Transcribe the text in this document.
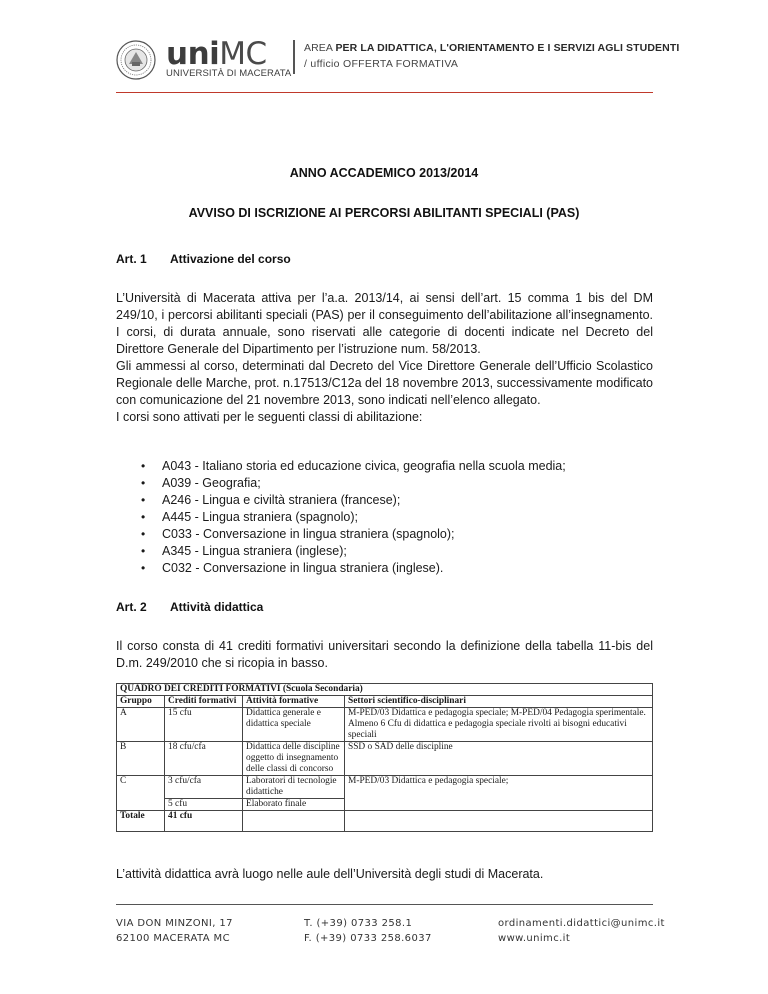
uniMC
UNIVERSITÀ DI MACERATA
AREA PER LA DIDATTICA, L'ORIENTAMENTO E I SERVIZI AGLI STUDENTI
/ ufficio OFFERTA FORMATIVA
ANNO ACCADEMICO 2013/2014
AVVISO DI ISCRIZIONE AI PERCORSI ABILITANTI SPECIALI (PAS)
Art. 1 Attivazione del corso

L’Università di Macerata attiva per l’a.a. 2013/14, ai sensi dell’art. 15 comma 1 bis del DM 249/10, i percorsi abilitanti speciali (PAS) per il conseguimento dell’abilitazione all’insegnamento. I corsi, di durata annuale, sono riservati alle categorie di docenti indicate nel Decreto del Direttore Generale del Dipartimento per l’istruzione num. 58/2013.

Gli ammessi al corso, determinati dal Decreto del Vice Direttore Generale dell’Ufficio Scolastico Regionale delle Marche, prot. n.17513/C12a del 18 novembre 2013, successivamente modificato con comunicazione del 21 novembre 2013, sono indicati nell’elenco allegato.

I corsi sono attivati per le seguenti classi di abilitazione:

• A043 - Italiano storia ed educazione civica, geografia nella scuola media;
• A039 - Geografia;
• A246 - Lingua e civiltà straniera (francese);
• A445 - Lingua straniera (spagnolo);
• C033 - Conversazione in lingua straniera (spagnolo);
• A345 - Lingua straniera (inglese);
• C032 - Conversazione in lingua straniera (inglese).
Art. 2 Attività didattica

Il corso consta di 41 crediti formativi universitari secondo la definizione della tabella 11-bis del D.m. 249/2010 che si ricopia in basso.

QUADRO DEI CREDITI FORMATIVI (Scuola Secondaria)			
Gruppo	Crediti formativi	Attività formative	Settori scientifico-disciplinari
A	15 cfu	Didattica generale e didattica speciale	M-PED/03 Didattica e pedagogia speciale; M-PED/04 Pedagogia sperimentale. Almeno 6 Cfu di didattica e pedagogia speciale rivolti ai bisogni educativi speciali
B	18 cfu/cfa	Didattica delle discipline oggetto di insegnamento delle classi di concorso	SSD o SAD delle discipline
C	3 cfu/cfa	Laboratori di tecnologie didattiche	M-PED/03 Didattica e pedagogia speciale;
	5 cfu	Elaborato finale	
Totale	41 cfu		

L’attività didattica avrà luogo nelle aule dell’Università degli studi di Macerata.

VIA DON MINZONI, 17
62100 MACERATA MC
T. (+39) 0733 258.1
F. (+39) 0733 258.6037
ordinamenti.didattici@unimc.it
www.unimc.it
